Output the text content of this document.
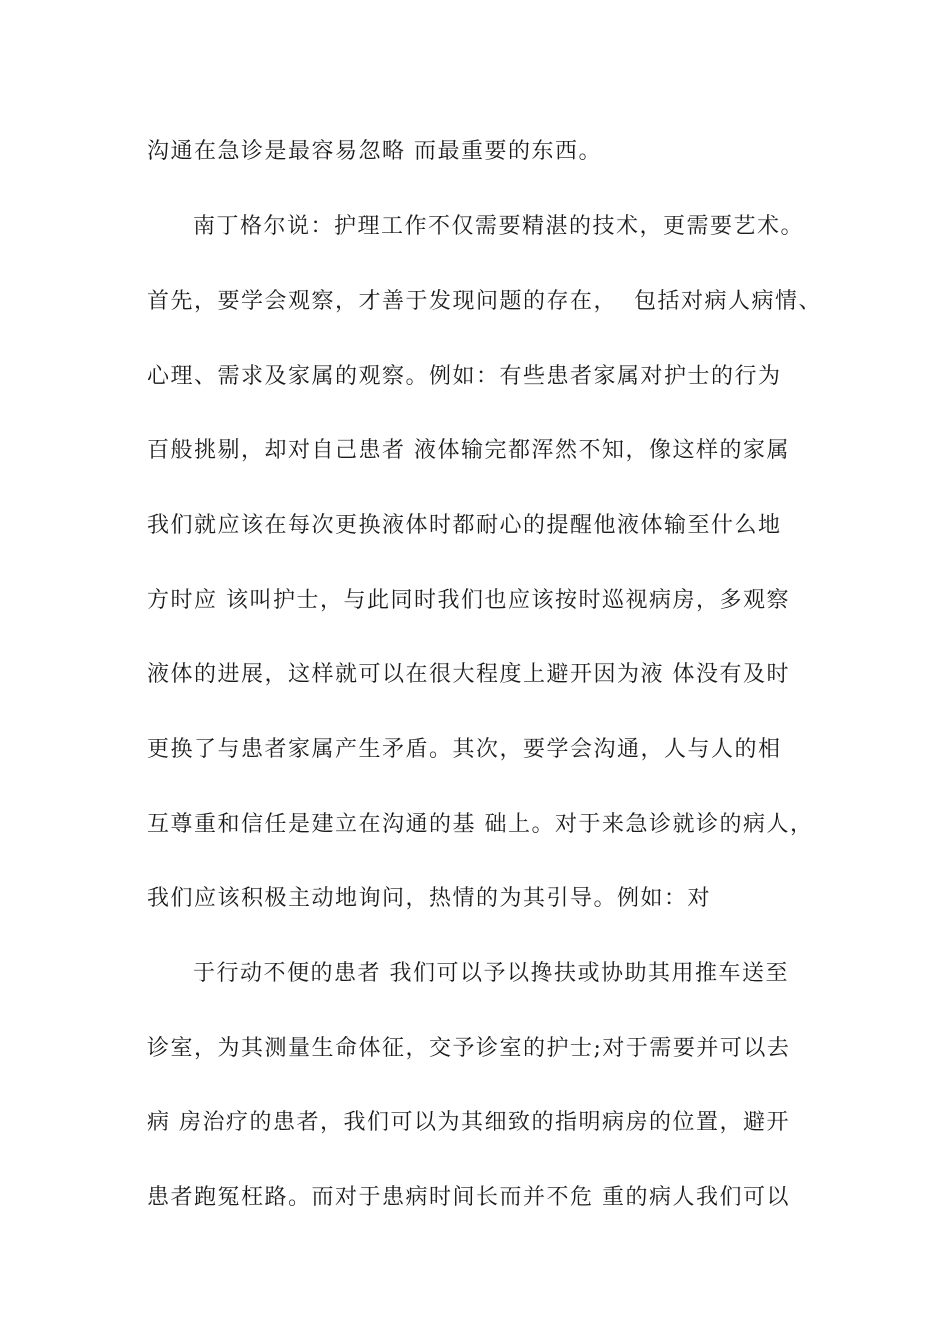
沟通在急诊是最容易忽略 而最重要的东西。
南丁格尔说：护理工作不仅需要精湛的技术，更需要艺术。
首先，要学会观察，才善于发现问题的存在，  包括对病人病情、
心理、需求及家属的观察。例如：有些患者家属对护士的行为
百般挑剔，却对自己患者 液体输完都浑然不知，像这样的家属
我们就应该在每次更换液体时都耐心的提醒他液体输至什么地
方时应 该叫护士，与此同时我们也应该按时巡视病房，多观察
液体的进展，这样就可以在很大程度上避开因为液 体没有及时
更换了与患者家属产生矛盾。其次，要学会沟通，人与人的相
互尊重和信任是建立在沟通的基 础上。对于来急诊就诊的病人，
我们应该积极主动地询问，热情的为其引导。例如：对
于行动不便的患者 我们可以予以搀扶或协助其用推车送至
诊室，为其测量生命体征，交予诊室的护士;对于需要并可以去
病 房治疗的患者，我们可以为其细致的指明病房的位置，避开
患者跑冤枉路。而对于患病时间长而并不危 重的病人我们可以
